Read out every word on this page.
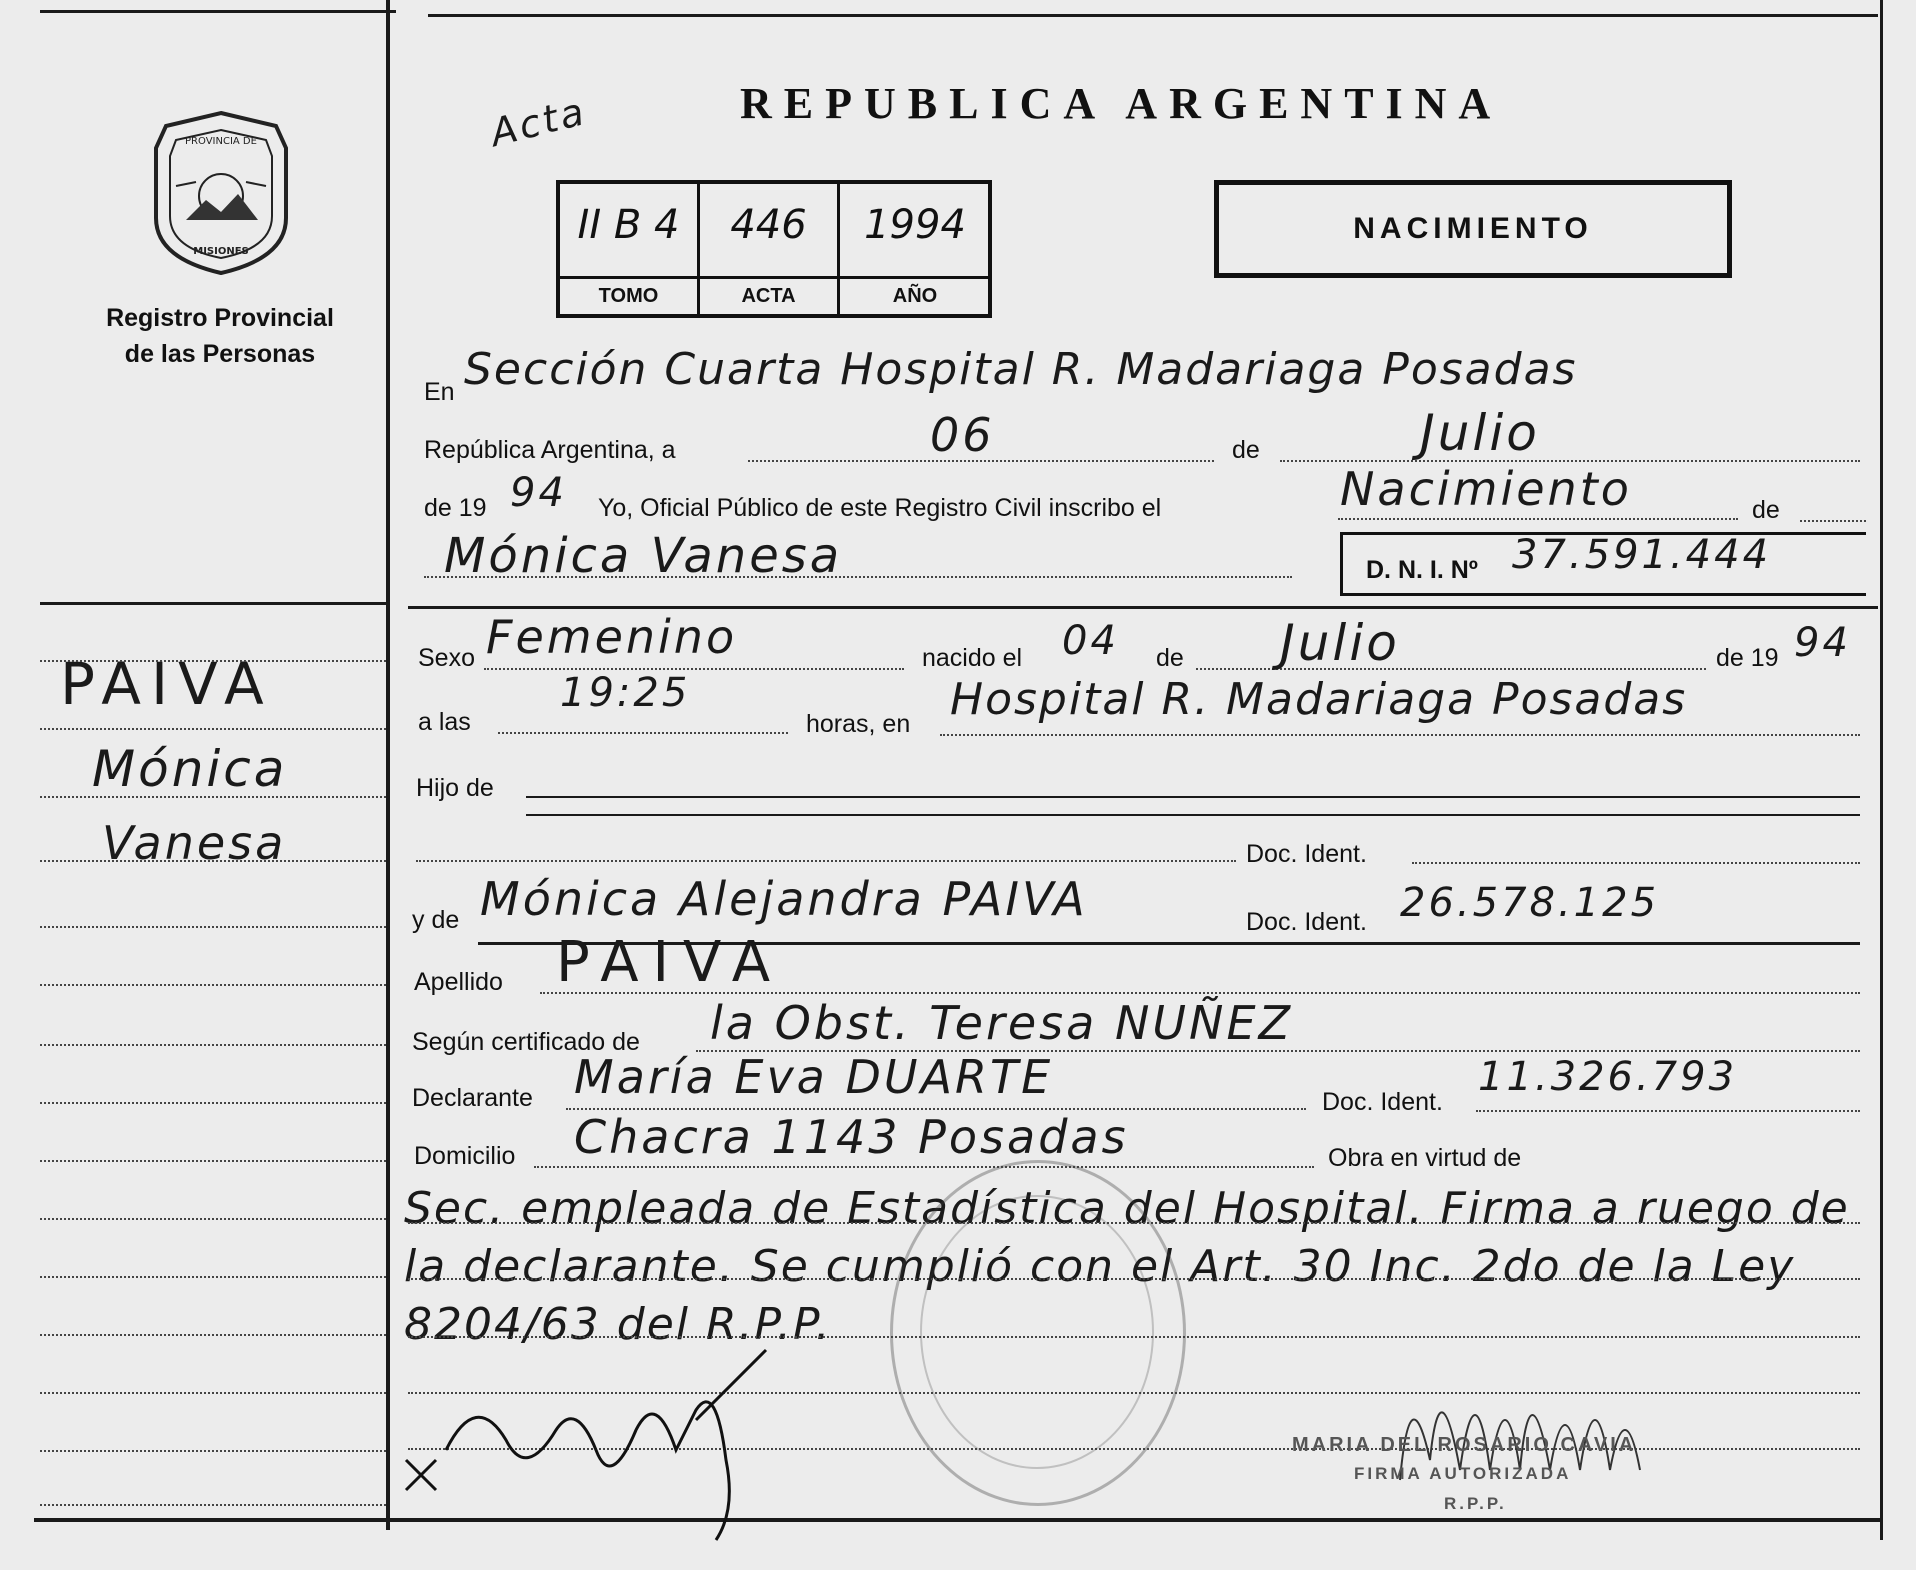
PROVINCIA DE
MISIONES
Registro Provincial
de las Personas
REPUBLICA ARGENTINA
Acta
II B 4
TOMO
446
ACTA
1994
AÑO
NACIMIENTO
En Sección Cuarta Hospital R. Madariaga Posadas
República Argentina, a	06	de	Julio
de 19 94 Yo, Oficial Público de este Registro Civil inscribo el	Nacimiento	de
Mónica Vanesa	D. N. I. Nº 37.591.444
PAIVA
Mónica
Vanesa
Sexo Femenino	nacido el 04 de Julio	de 19 94
a las
19:25
horas, en Hospital R. Madariaga Posadas
Hijo de
Doc. Ident.
y de Mónica Alejandra PAIVA	Doc. Ident. 26.578.125
Apellido PAIVA
Según certificado de la Obst. Teresa NUÑEZ
Declarante María Eva DUARTE	Doc. Ident.
11.326.793
Domicilio Chacra 1143 Posadas	Obra en virtud de
Sec. empleada de Estadística del Hospital. Firma a ruego de la declarante. Se cumplió con el Art. 30 Inc. 2do de la Ley 8204/63 del R.P.P.
MARIA DEL ROSARIO CAVIA
FIRMA AUTORIZADA
R.P.P.
